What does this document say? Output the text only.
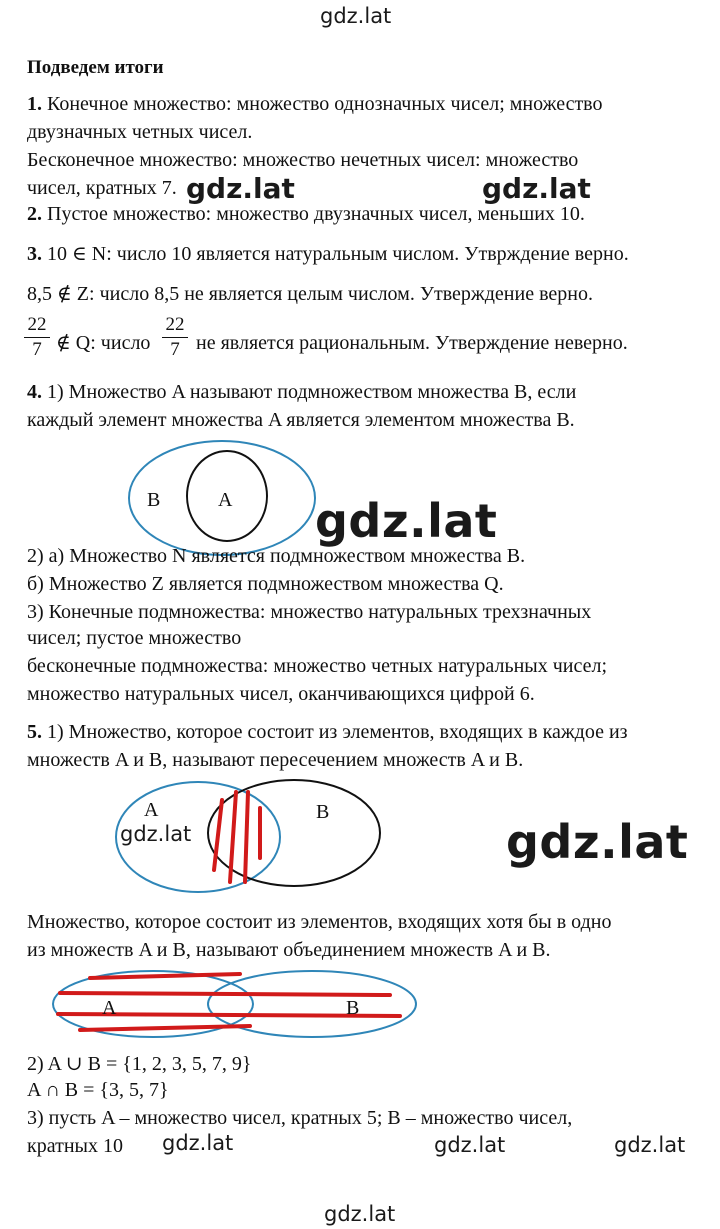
gdz.lat
Подведем итоги
1. Конечное множество: множество однозначных чисел; множество
двузначных четных чисел.
Бесконечное множество: множество нечетных чисел: множество
чисел, кратных 7. gdz.lat	gdz.lat
2. Пустое множество: множество двузначных чисел, меньших 10.
3. 10 ∈ N: число 10 является натуральным числом. Утврждение верно.
8,5 ∉ Z: число 8,5 не является целым числом. Утверждение верно.
22
7 ∉ Q: число
22
7 не является рациональным. Утверждение неверно.
4. 1) Множество A называют подмножеством множества B, если
каждый элемент множества A является элементом множества B.
B	A gdz.lat
2) а) Множество N является подмножеством множества B.
б) Множество Z является подмножеством множества Q.
3) Конечные подмножества: множество натуральных трехзначных
чисел; пустое множество
бесконечные подмножества: множество четных натуральных чисел;
множество натуральных чисел, оканчивающихся цифрой 6.
5. 1) Множество, которое состоит из элементов, входящих в каждое из
множеств A и B, называют пересечением множеств A и B.
A	B
gdz.lat	gdz.lat
Множество, которое состоит из элементов, входящих хотя бы в одно
из множеств A и B, называют объединением множеств A и B.
A	B
2) A ∪ B = {1, 2, 3, 5, 7, 9}
A ∩ B = {3, 5, 7}
3) пусть A – множество чисел, кратных 5; B – множество чисел,
кратных 10 gdz.lat	gdz.lat	gdz.lat
gdz.lat
